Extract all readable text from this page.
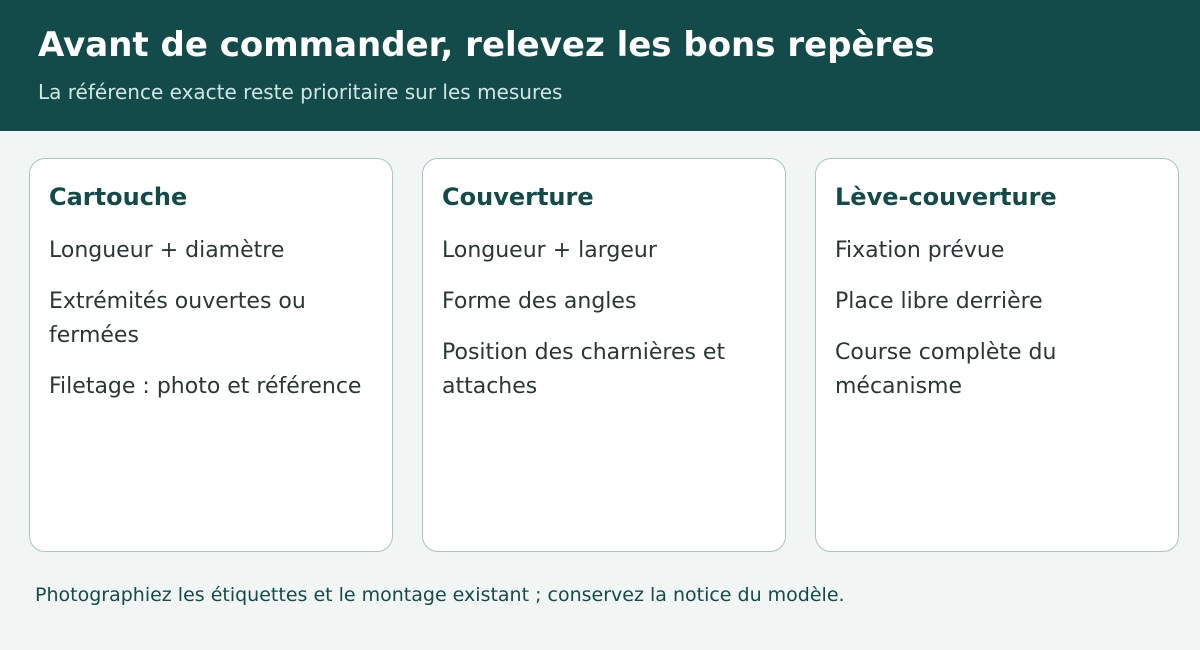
Avant de commander, relevez les bons repères
La référence exacte reste prioritaire sur les mesures
Cartouche
Longueur + diamètre
Extrémités ouvertes ou fermées
Filetage : photo et référence
Couverture
Longueur + largeur
Forme des angles
Position des charnières et attaches
Lève-couverture
Fixation prévue
Place libre derrière
Course complète du mécanisme
Photographiez les étiquettes et le montage existant ; conservez la notice du modèle.
